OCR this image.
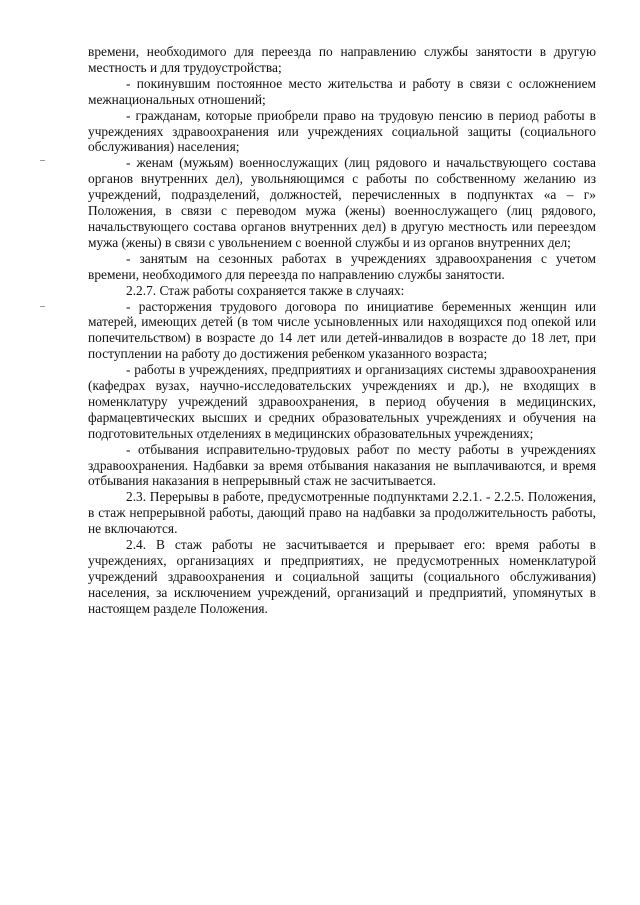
времени, необходимого для переезда по направлению службы занятости в другую местность и для трудоустройства;

- покинувшим постоянное место жительства и работу в связи с осложнением межнациональных отношений;

- гражданам, которые приобрели право на трудовую пенсию в период работы в учреждениях здравоохранения или учреждениях социальной защиты (социального обслуживания) населения;

- женам (мужьям) военнослужащих (лиц рядового и начальствующего состава органов внутренних дел), увольняющимся с работы по собственному желанию из учреждений, подразделений, должностей, перечисленных в подпунктах «а – г» Положения, в связи с переводом мужа (жены) военнослужащего (лиц рядового, начальствующего состава органов внутренних дел) в другую местность или переездом мужа (жены) в связи с увольнением с военной службы и из органов внутренних дел;

- занятым на сезонных работах в учреждениях здравоохранения с учетом времени, необходимого для переезда по направлению службы занятости.

2.2.7. Стаж работы сохраняется также в случаях:

- расторжения трудового договора по инициативе беременных женщин или матерей, имеющих детей (в том числе усыновленных или находящихся под опекой или попечительством) в возрасте до 14 лет или детей-инвалидов в возрасте до 18 лет, при поступлении на работу до достижения ребенком указанного возраста;

- работы в учреждениях, предприятиях и организациях системы здравоохранения (кафедрах вузах, научно-исследовательских учреждениях и др.), не входящих в номенклатуру учреждений здравоохранения, в период обучения в медицинских, фармацевтических высших и средних образовательных учреждениях и обучения на подготовительных отделениях в медицинских образовательных учреждениях;

- отбывания исправительно-трудовых работ по месту работы в учреждениях здравоохранения. Надбавки за время отбывания наказания не выплачиваются, и время отбывания наказания в непрерывный стаж не засчитывается.

2.3. Перерывы в работе, предусмотренные подпунктами 2.2.1. - 2.2.5. Положения, в стаж непрерывной работы, дающий право на надбавки за продолжительность работы, не включаются.

2.4. В стаж работы не засчитывается и прерывает его: время работы в учреждениях, организациях и предприятиях, не предусмотренных номенклатурой учреждений здравоохранения и социальной защиты (социального обслуживания) населения, за исключением учреждений, организаций и предприятий, упомянутых в настоящем разделе Положения.
